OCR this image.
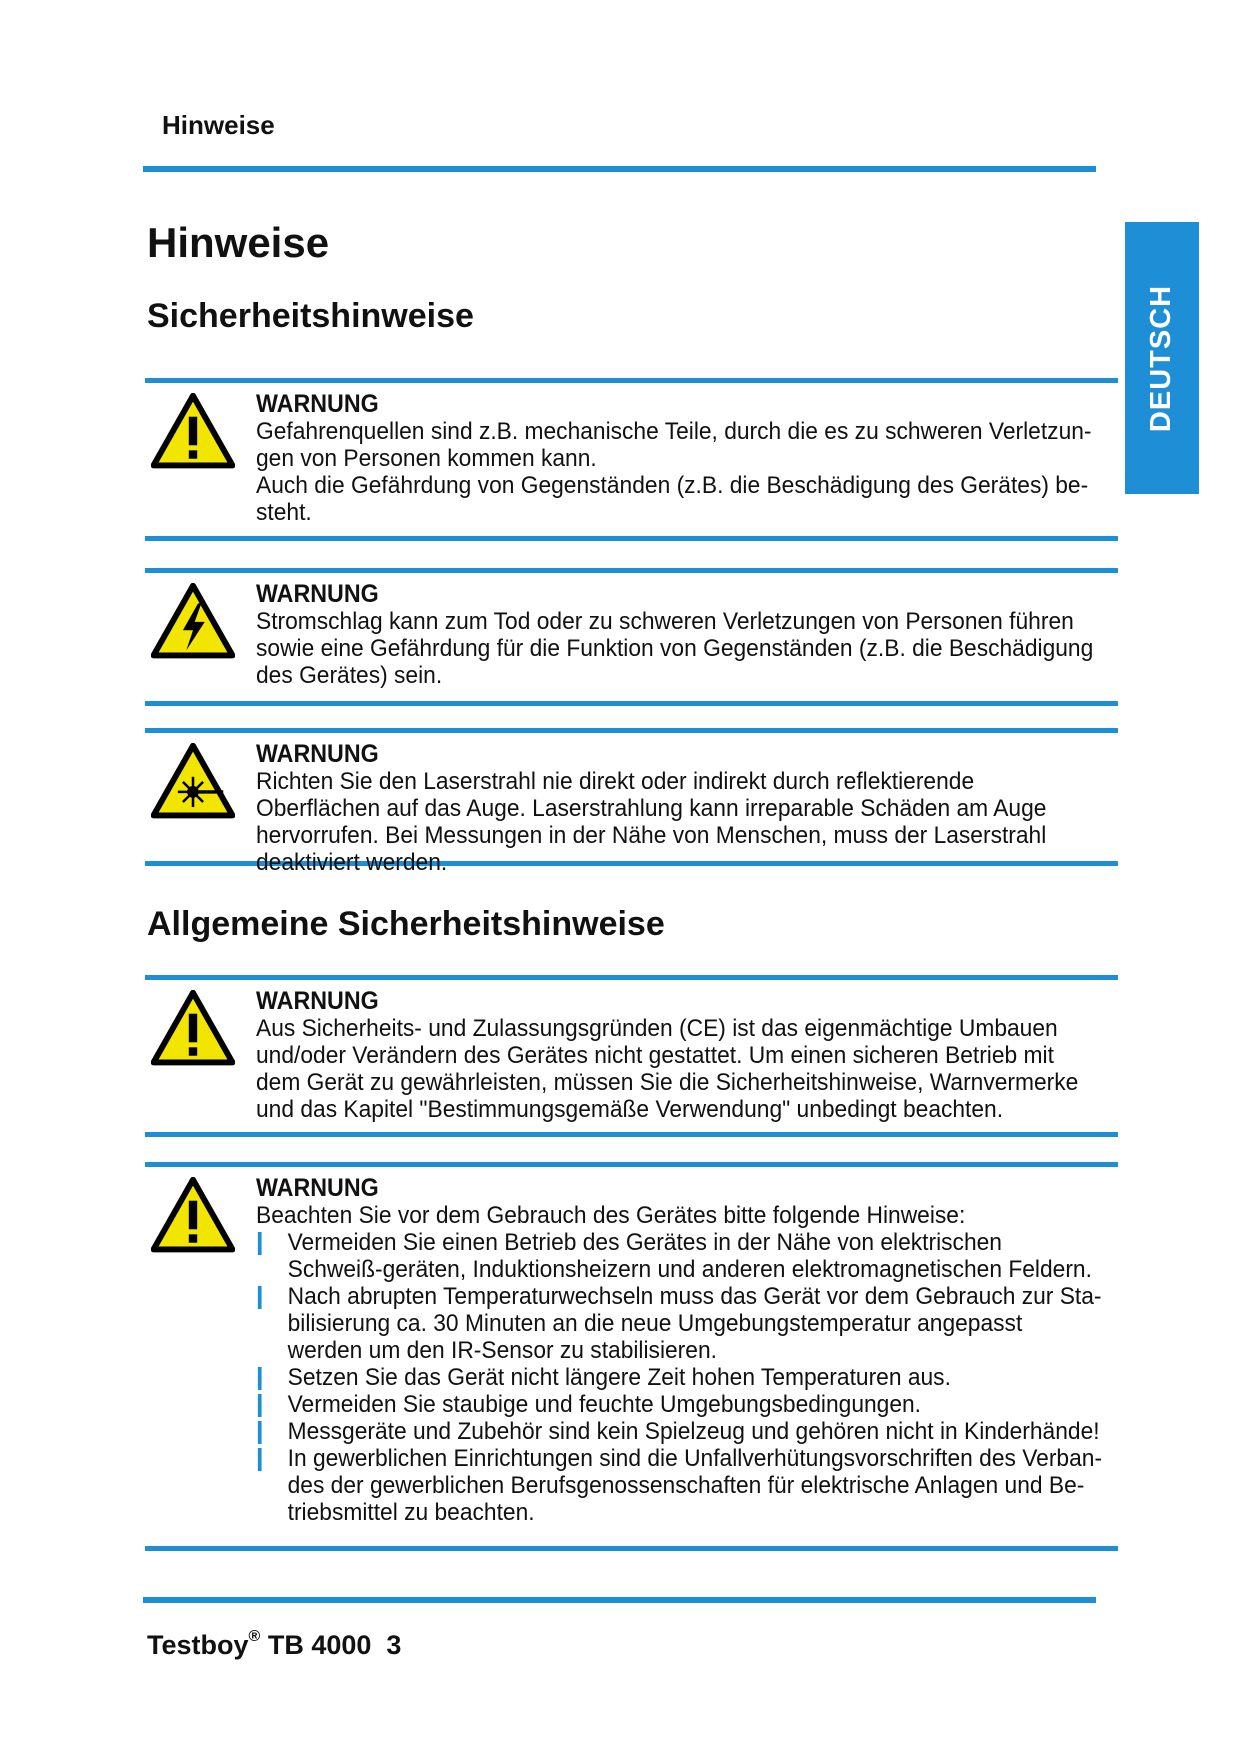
Hinweise

DEUTSCH
Hinweise
Sicherheitshinweise
WARNUNG
Gefahrenquellen sind z.B. mechanische Teile, durch die es zu schweren Verletzun-gen von Personen kommen kann.
Auch die Gefährdung von Gegenständen (z.B. die Beschädigung des Gerätes) be-steht.
WARNUNG
Stromschlag kann zum Tod oder zu schweren Verletzungen von Personen führen sowie eine Gefährdung für die Funktion von Gegenständen (z.B. die Beschädigung des Gerätes) sein.
WARNUNG
Richten Sie den Laserstrahl nie direkt oder indirekt durch reflektierende Oberflächen auf das Auge. Laserstrahlung kann irreparable Schäden am Auge hervorrufen. Bei Messungen in der Nähe von Menschen, muss der Laserstrahl deaktiviert werden.
Allgemeine Sicherheitshinweise
WARNUNG
Aus Sicherheits- und Zulassungsgründen (CE) ist das eigenmächtige Umbauen und/oder Verändern des Gerätes nicht gestattet. Um einen sicheren Betrieb mit dem Gerät zu gewährleisten, müssen Sie die Sicherheitshinweise, Warnvermerke und das Kapitel "Bestimmungsgemäße Verwendung" unbedingt beachten.
WARNUNG
Beachten Sie vor dem Gebrauch des Gerätes bitte folgende Hinweise:
Vermeiden Sie einen Betrieb des Gerätes in der Nähe von elektrischen Schweiß-geräten, Induktionsheizern und anderen elektromagnetischen Feldern.
Nach abrupten Temperaturwechseln muss das Gerät vor dem Gebrauch zur Sta-bilisierung ca. 30 Minuten an die neue Umgebungstemperatur angepasst werden um den IR-Sensor zu stabilisieren.
Setzen Sie das Gerät nicht längere Zeit hohen Temperaturen aus.
Vermeiden Sie staubige und feuchte Umgebungsbedingungen.
Messgeräte und Zubehör sind kein Spielzeug und gehören nicht in Kinderhände!
In gewerblichen Einrichtungen sind die Unfallverhütungsvorschriften des Verban-des der gewerblichen Berufsgenossenschaften für elektrische Anlagen und Be-triebsmittel zu beachten.

Testboy® TB 4000 3
